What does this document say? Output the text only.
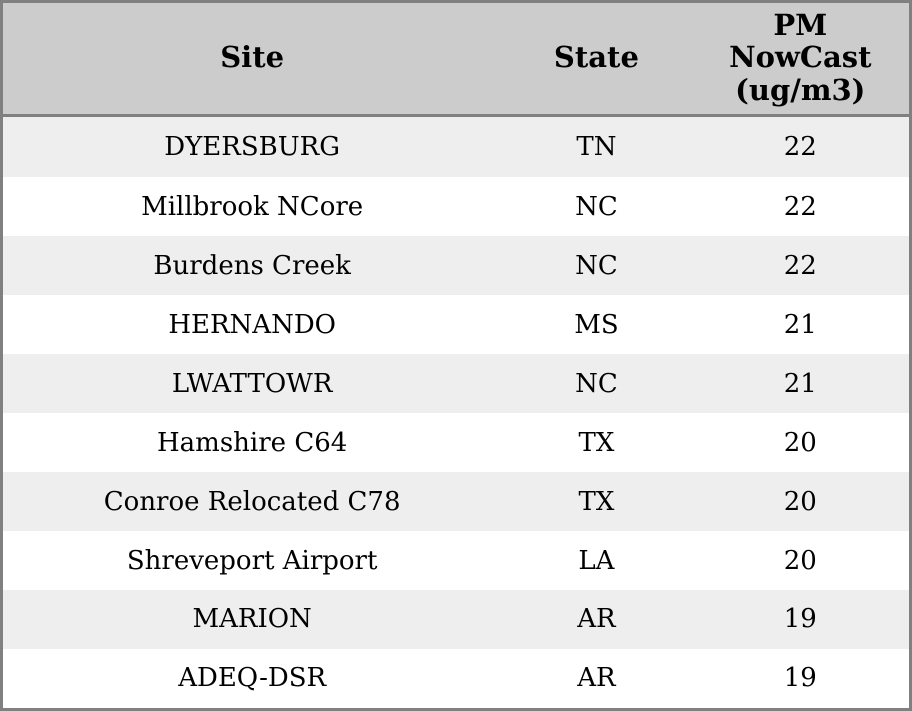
Site	State	PM
NowCast
(ug/m3)

DYERSBURG	TN	22
Millbrook NCore	NC	22
Burdens Creek	NC	22
HERNANDO	MS	21
LWATTOWR	NC	21
Hamshire C64	TX	20
Conroe Relocated C78	TX	20
Shreveport Airport	LA	20
MARION	AR	19
ADEQ-DSR	AR	19
